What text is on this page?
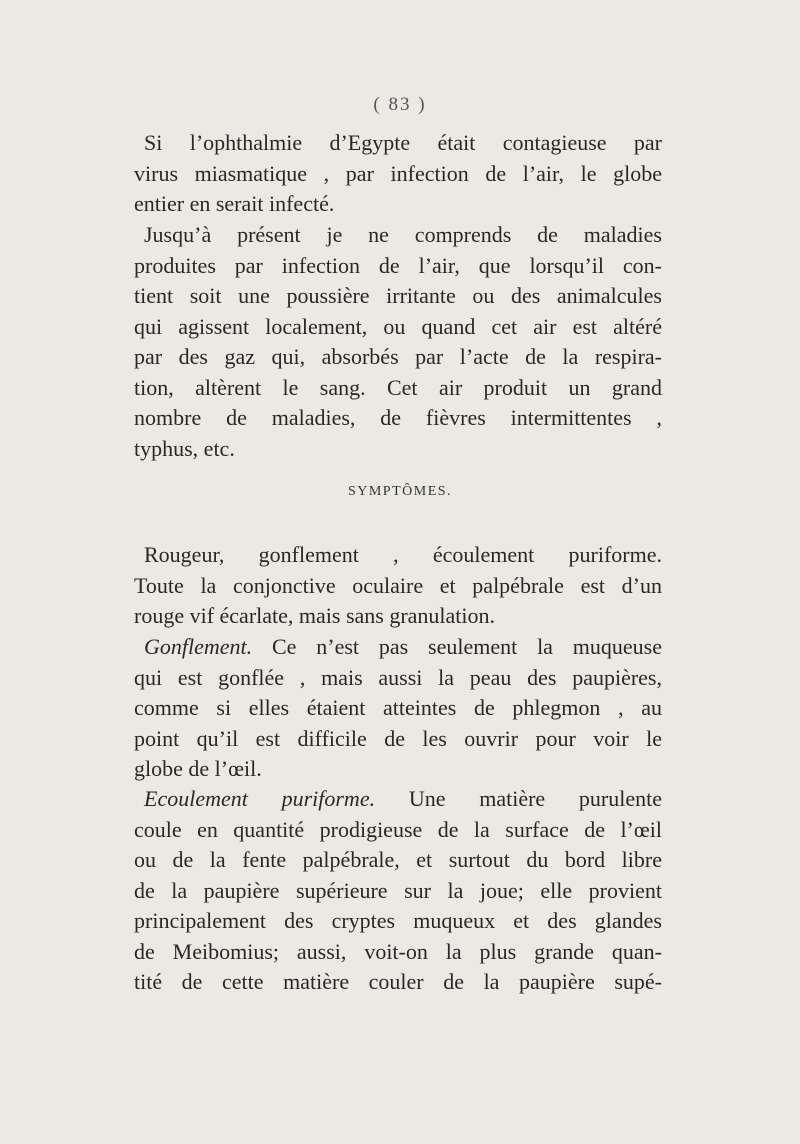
( 83 )

Si l’ophthalmie d’Egypte était contagieuse par
virus miasmatique , par infection de l’air, le globe
entier en serait infecté.

Jusqu’à présent je ne comprends de maladies
produites par infection de l’air, que lorsqu’il con-
tient soit une poussière irritante ou des animalcules
qui agissent localement, ou quand cet air est altéré
par des gaz qui, absorbés par l’acte de la respira-
tion, altèrent le sang. Cet air produit un grand
nombre de maladies, de fièvres intermittentes ,
typhus, etc.

SYMPTÔMES.

Rougeur, gonflement , écoulement puriforme.
Toute la conjonctive oculaire et palpébrale est d’un
rouge vif écarlate, mais sans granulation.

Gonflement. Ce n’est pas seulement la muqueuse
qui est gonflée , mais aussi la peau des paupières,
comme si elles étaient atteintes de phlegmon , au
point qu’il est difficile de les ouvrir pour voir le
globe de l’œil.

Ecoulement puriforme. Une matière purulente
coule en quantité prodigieuse de la surface de l’œil
ou de la fente palpébrale, et surtout du bord libre
de la paupière supérieure sur la joue; elle provient
principalement des cryptes muqueux et des glandes
de Meibomius; aussi, voit-on la plus grande quan-
tité de cette matière couler de la paupière supé-
